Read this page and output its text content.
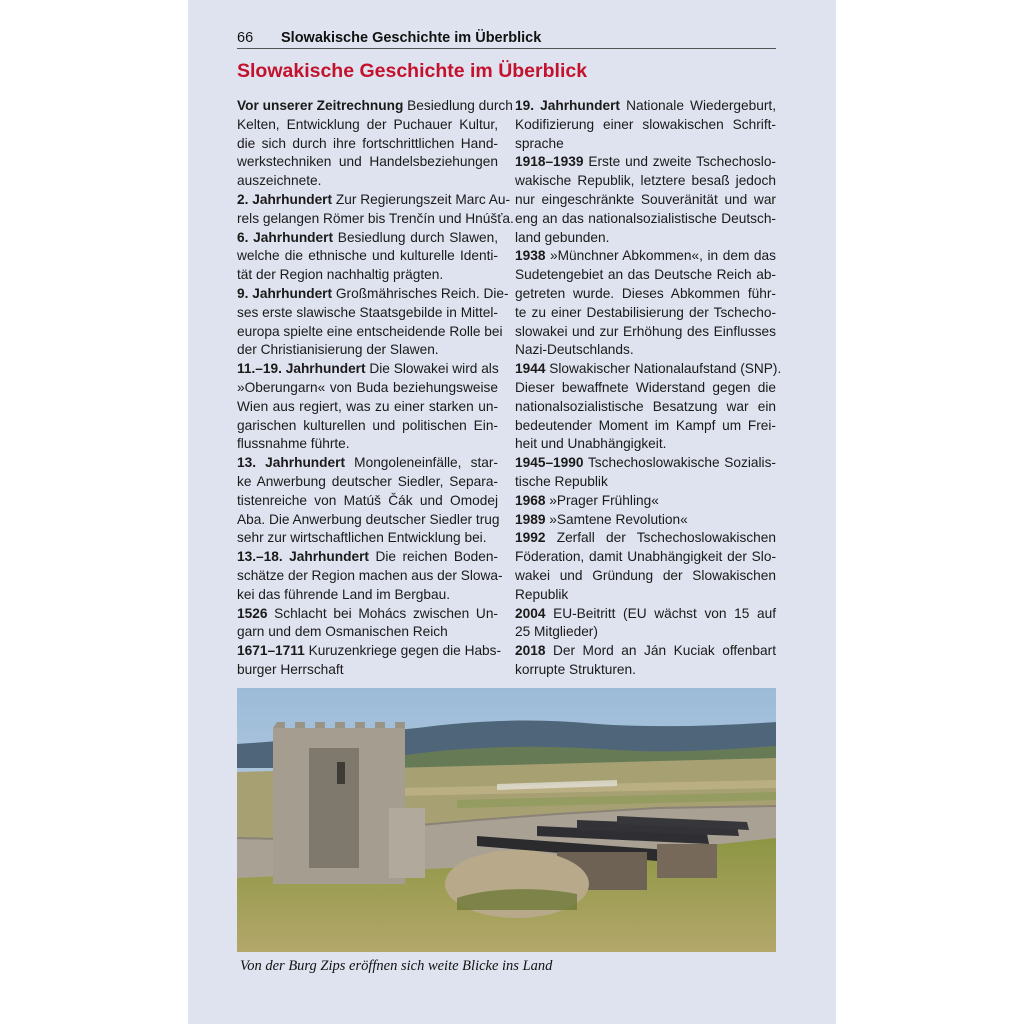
66 Slowakische Geschichte im Überblick
Slowakische Geschichte im Überblick
Vor unserer Zeitrechnung Besiedlung durch
Kelten, Entwicklung der Puchauer Kultur,
die sich durch ihre fortschrittlichen Hand-
werkstechniken und Handelsbeziehungen
auszeichnete.
2. Jahrhundert Zur Regierungszeit Marc Au-
rels gelangen Römer bis Trenčín und Hnúšťa.
6. Jahrhundert Besiedlung durch Slawen,
welche die ethnische und kulturelle Identi-
tät der Region nachhaltig prägten.
9. Jahrhundert Großmährisches Reich. Die-
ses erste slawische Staatsgebilde in Mittel-
europa spielte eine entscheidende Rolle bei
der Christianisierung der Slawen.
11.–19. Jahrhundert Die Slowakei wird als
»Oberungarn« von Buda beziehungsweise
Wien aus regiert, was zu einer starken un-
garischen kulturellen und politischen Ein-
flussnahme führte.
13. Jahrhundert Mongoleneinfälle, star-
ke Anwerbung deutscher Siedler, Separa-
tistenreiche von Matúš Čák und Omodej
Aba. Die Anwerbung deutscher Siedler trug
sehr zur wirtschaftlichen Entwicklung bei.
13.–18. Jahrhundert Die reichen Boden-
schätze der Region machen aus der Slowa-
kei das führende Land im Bergbau.
1526 Schlacht bei Mohács zwischen Un-
garn und dem Osmanischen Reich
1671–1711 Kuruzenkriege gegen die Habs-
burger Herrschaft
19. Jahrhundert Nationale Wiedergeburt,
Kodifizierung einer slowakischen Schrift-
sprache
1918–1939 Erste und zweite Tschechoslo-
wakische Republik, letztere besaß jedoch
nur eingeschränkte Souveränität und war
eng an das nationalsozialistische Deutsch-
land gebunden.
1938 »Münchner Abkommen«, in dem das
Sudetengebiet an das Deutsche Reich ab-
getreten wurde. Dieses Abkommen führ-
te zu einer Destabilisierung der Tschecho-
slowakei und zur Erhöhung des Einflusses
Nazi-Deutschlands.
1944 Slowakischer Nationalaufstand (SNP).
Dieser bewaffnete Widerstand gegen die
nationalsozialistische Besatzung war ein
bedeutender Moment im Kampf um Frei-
heit und Unabhängigkeit.
1945–1990 Tschechoslowakische Sozialis-
tische Republik
1968 »Prager Frühling«
1989 »Samtene Revolution«
1992 Zerfall der Tschechoslowakischen
Föderation, damit Unabhängigkeit der Slo-
wakei und Gründung der Slowakischen
Republik
2004 EU-Beitritt (EU wächst von 15 auf
25 Mitglieder)
2018 Der Mord an Ján Kuciak offenbart
korrupte Strukturen.
Von der Burg Zips eröffnen sich weite Blicke ins Land
